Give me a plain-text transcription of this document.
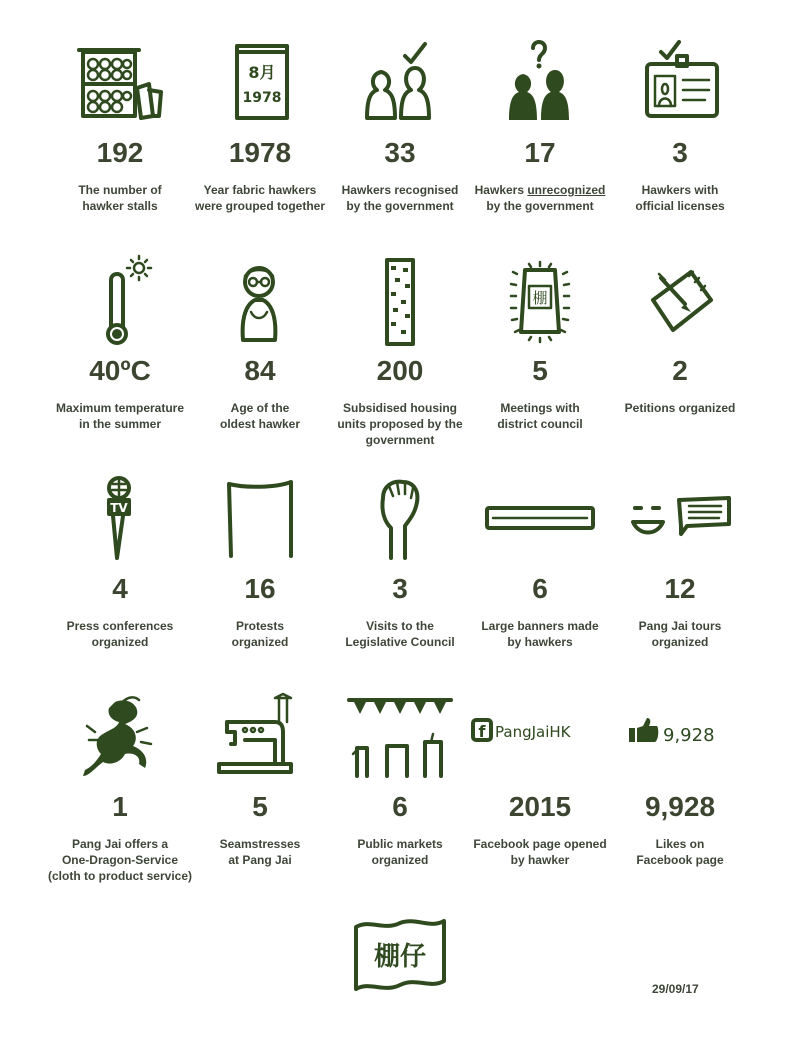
192
The number of
hawker stalls
8月
1978
1978
Year fabric hawkers
were grouped together
33
Hawkers recognised
by the government
17
Hawkers unrecognized
by the government
3
Hawkers with
official licenses
40ºC
Maximum temperature
in the summer
84
Age of the
oldest hawker
200
Subsidised housing
units proposed by the
government
棚
5
Meetings with
district council
2
Petitions organized
TV
4
Press conferences
organized
16
Protests
organized
3
Visits to the
Legislative Council
6
Large banners made
by hawkers
12
Pang Jai tours
organized
1
Pang Jai offers a
One-Dragon-Service
(cloth to product service)
5
Seamstresses
at Pang Jai
6
Public markets
organized
f PangJaiHK
2015
Facebook page opened
by hawker
9,928
9,928
Likes on
Facebook page
棚仔
29/09/17
